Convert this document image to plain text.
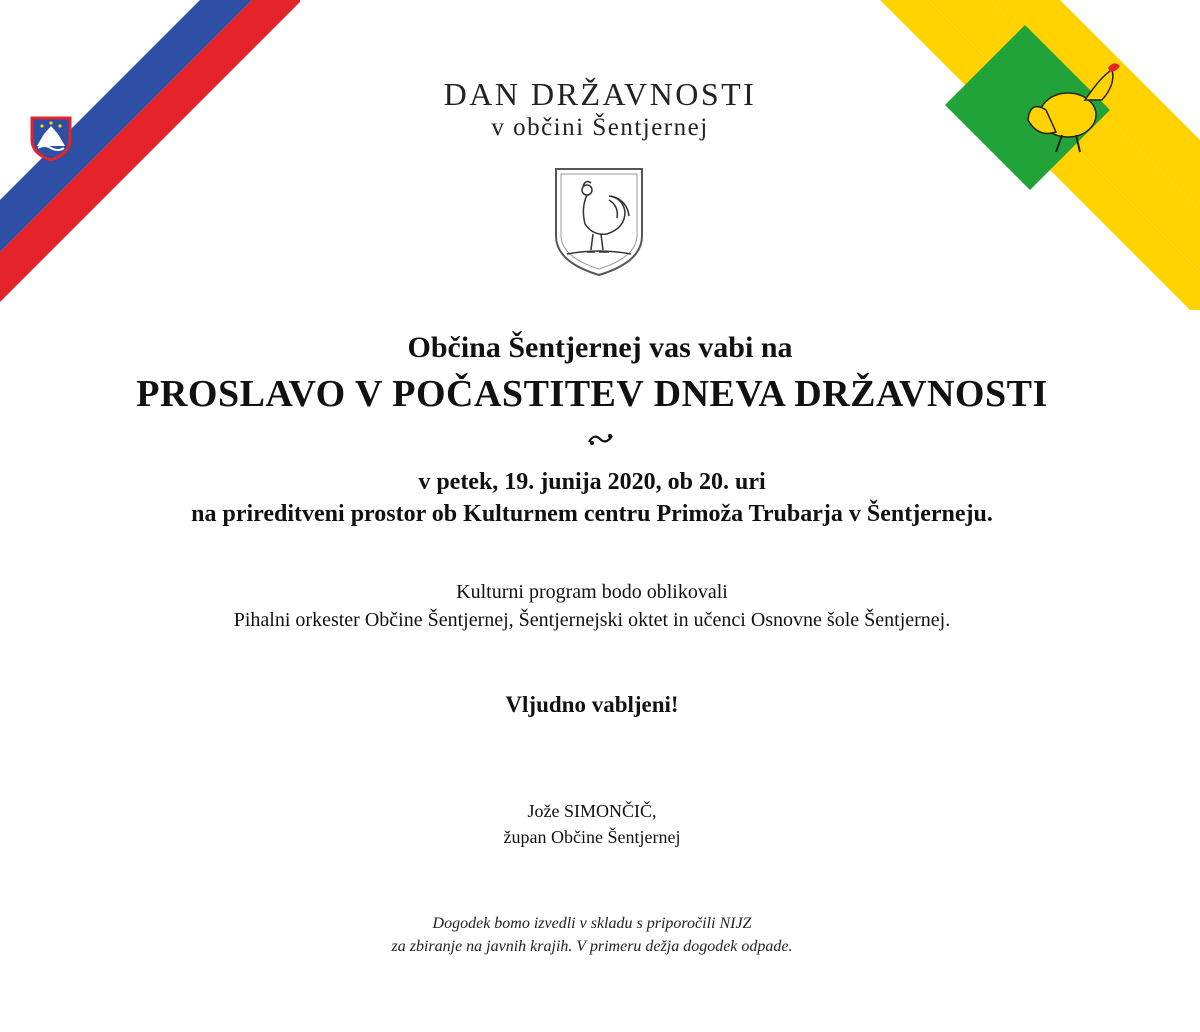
DAN DRŽAVNOSTI
v občini Šentjernej
Občina Šentjernej vas vabi na
PROSLAVO V POČASTITEV DNEVA DRŽAVNOSTI
v petek, 19. junija 2020, ob 20. uri
na prireditveni prostor ob Kulturnem centru Primoža Trubarja v Šentjerneju.
Kulturni program bodo oblikovali
Pihalni orkester Občine Šentjernej, Šentjernejski oktet in učenci Osnovne šole Šentjernej.
Vljudno vabljeni!
Jože SIMONČIČ,
župan Občine Šentjernej
Dogodek bomo izvedli v skladu s priporočili NIJZ
za zbiranje na javnih krajih. V primeru dežja dogodek odpade.
